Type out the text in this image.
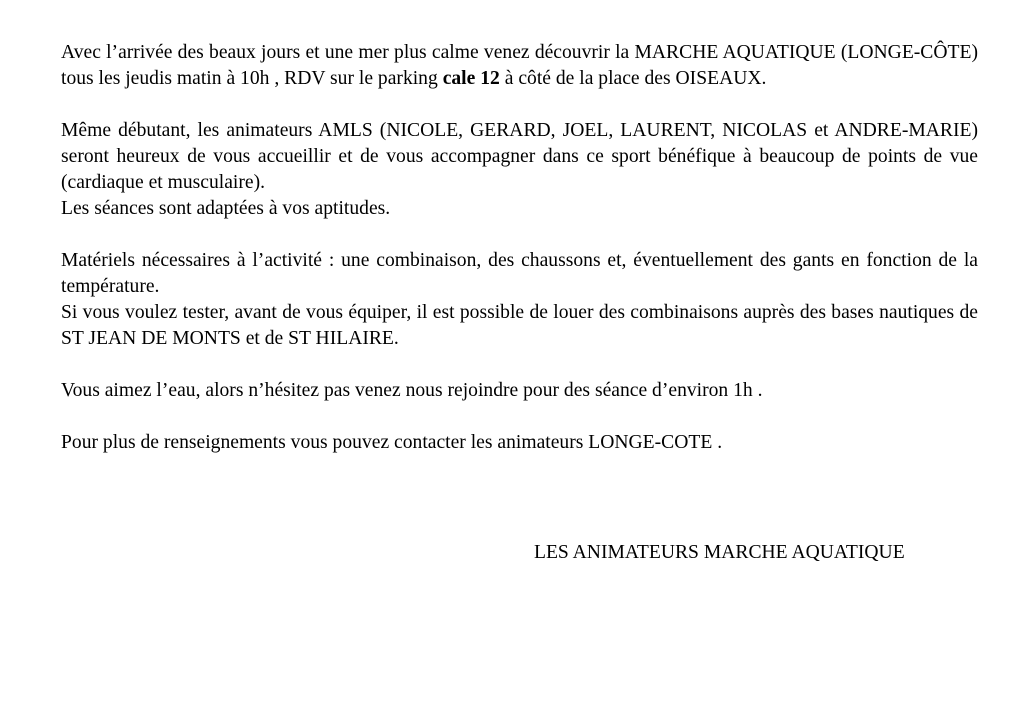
Avec l’arrivée des beaux jours et une mer plus calme venez découvrir la MARCHE AQUATIQUE (LONGE-CÔTE) tous les jeudis matin à 10h , RDV sur le parking cale 12 à côté de la place des OISEAUX.

Même débutant, les animateurs AMLS (NICOLE, GERARD, JOEL, LAURENT, NICOLAS et ANDRE-MARIE) seront heureux de vous accueillir et de vous accompagner dans ce sport bénéfique à beaucoup de points de vue (cardiaque et musculaire).

Les séances sont adaptées à vos aptitudes.

Matériels nécessaires à l’activité : une combinaison, des chaussons et, éventuellement des gants en fonction de la température.

Si vous voulez tester, avant de vous équiper, il est possible de louer des combinaisons auprès des bases nautiques de ST JEAN DE MONTS et de ST HILAIRE.

Vous aimez l’eau, alors n’hésitez pas venez nous rejoindre pour des séance d’environ 1h .

Pour plus de renseignements vous pouvez contacter les animateurs LONGE-COTE .

LES ANIMATEURS MARCHE AQUATIQUE
